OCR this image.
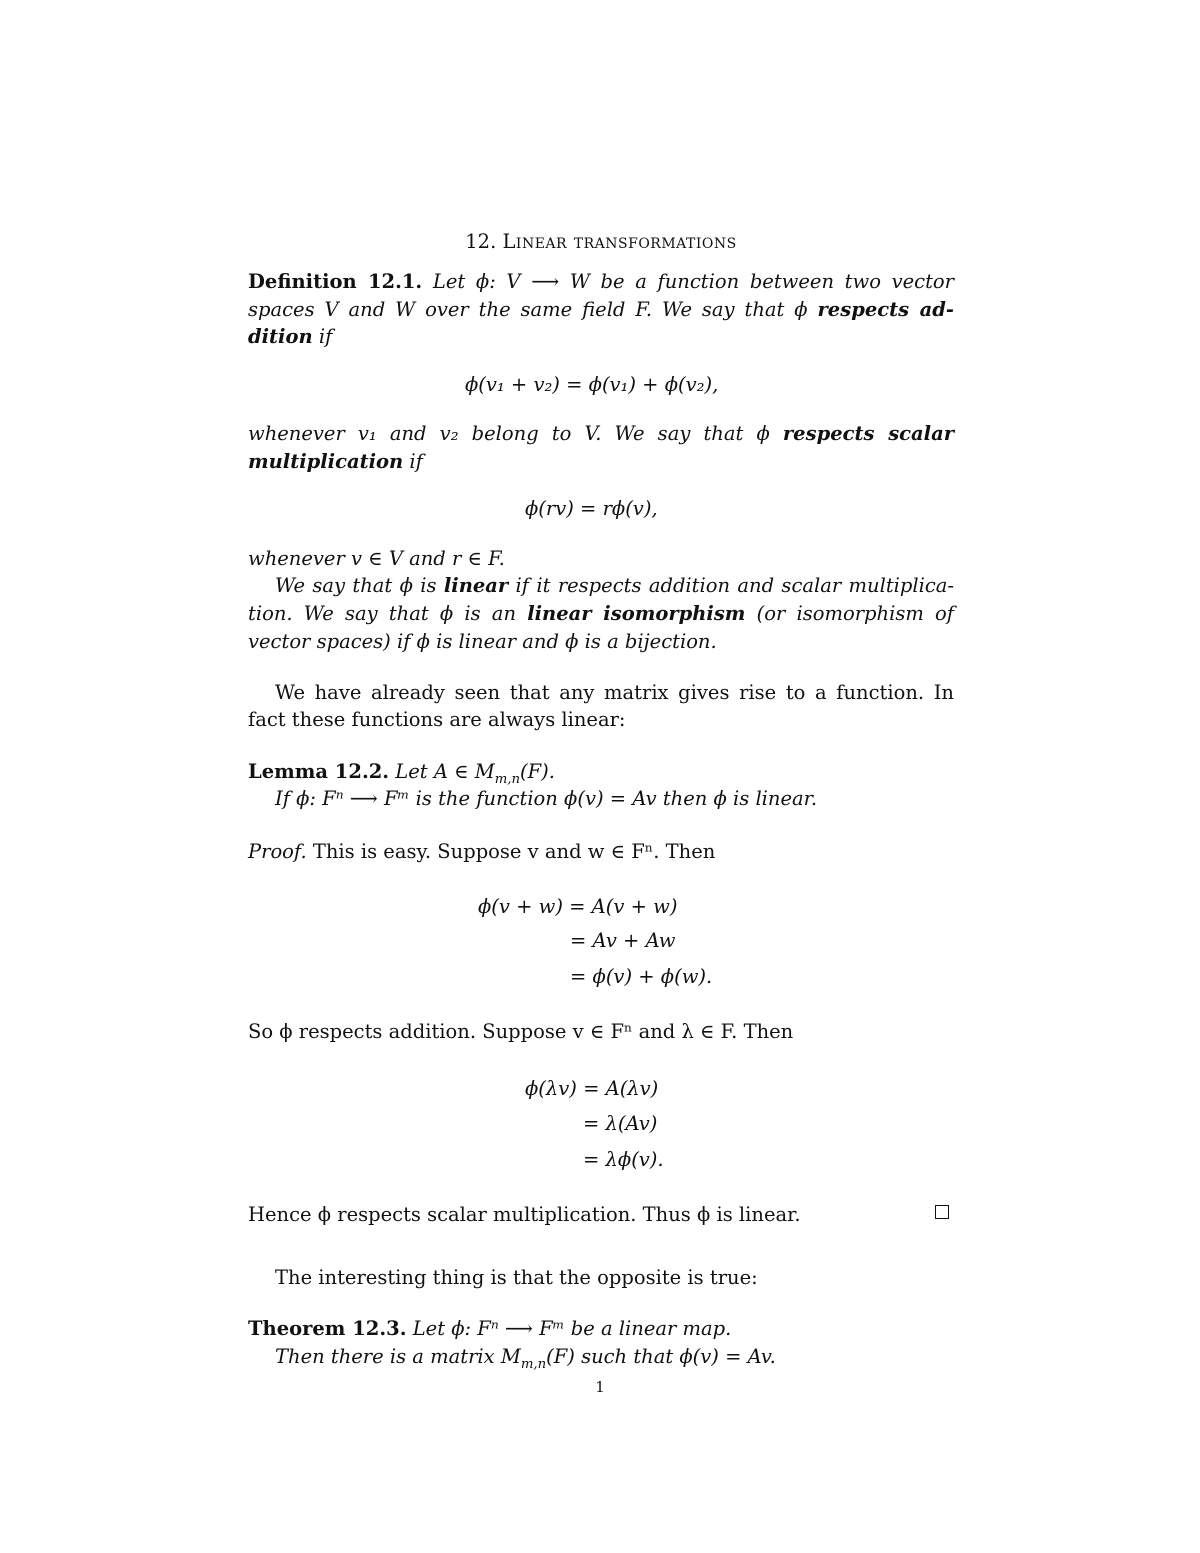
12. Linear transformations
Definition 12.1. Let ϕ: V ⟶ W be a function between two vector
spaces V and W over the same field F. We say that ϕ respects ad-
dition if
ϕ(v₁ + v₂) = ϕ(v₁) + ϕ(v₂),
whenever v₁ and v₂ belong to V. We say that ϕ respects scalar
multiplication if
ϕ(rv) = rϕ(v),
whenever v ∈ V and r ∈ F.
We say that ϕ is linear if it respects addition and scalar multiplica-
tion. We say that ϕ is an linear isomorphism (or isomorphism of
vector spaces) if ϕ is linear and ϕ is a bijection.
We have already seen that any matrix gives rise to a function. In
fact these functions are always linear:
Lemma 12.2. Let A ∈ $M_{m,n}(F)$.
If ϕ: Fⁿ ⟶ Fᵐ is the function ϕ(v) = Av then ϕ is linear.
Proof. This is easy. Suppose v and w ∈ Fⁿ. Then
ϕ(v + w) = A(v + w)
= Av + Aw
= ϕ(v) + ϕ(w).
So ϕ respects addition. Suppose v ∈ Fⁿ and λ ∈ F. Then
ϕ(λv) = A(λv)
= λ(Av)
= λϕ(v).
Hence ϕ respects scalar multiplication. Thus ϕ is linear.
The interesting thing is that the opposite is true:
Theorem 12.3. Let ϕ: Fⁿ ⟶ Fᵐ be a linear map.
Then there is a matrix $M_{m,n}(F)$ such that ϕ(v) = Av.
1
